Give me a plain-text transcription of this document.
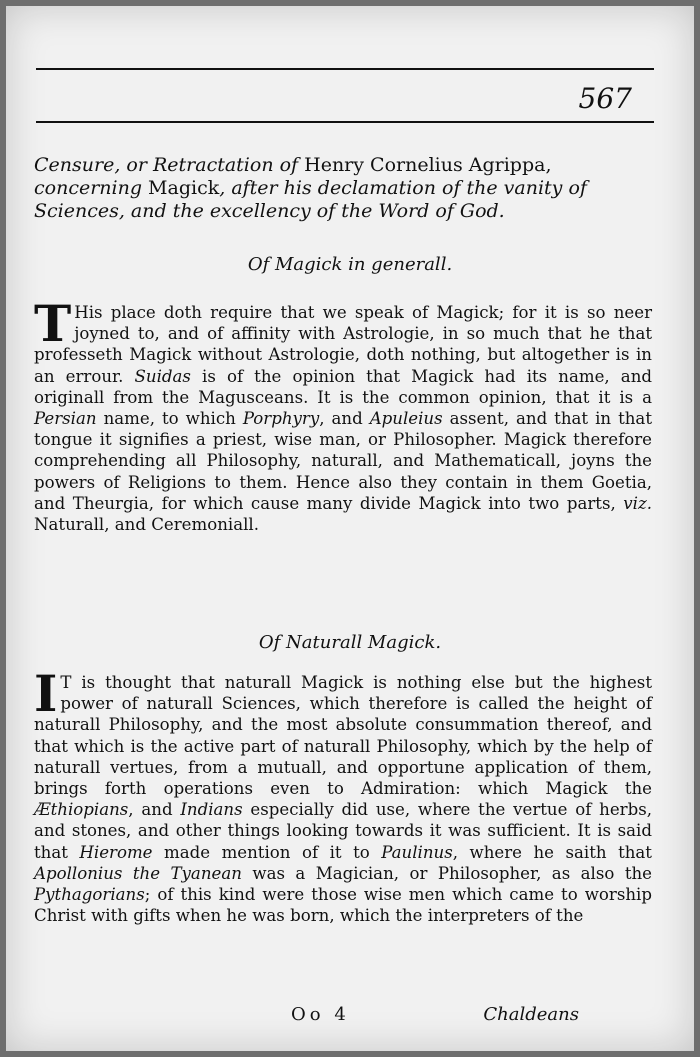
567
Censure, or Retractation of Henry Cornelius Agrippa, concerning Magick, after his declamation of the vanity of Sciences, and the excellency of the Word of God.
Of Magick in generall.
T His place doth require that we speak of Magick; for it is so neer joyned to, and of affinity with Astrologie, in so much that he that professeth Magick without Astrologie, doth nothing, but altogether is in an errour. Suidas is of the opinion that Magick had its name, and originall from the Magusceans. It is the common opinion, that it is a Persian name, to which Porphyry, and Apuleius assent, and that in that tongue it signifies a priest, wise man, or Philosopher. Magick therefore comprehending all Philosophy, naturall, and Mathematicall, joyns the powers of Religions to them. Hence also they contain in them Goetia, and Theurgia, for which cause many divide Magick into two parts, viz. Naturall, and Ceremoniall.
Of Naturall Magick.
I T is thought that naturall Magick is nothing else but the highest power of naturall Sciences, which therefore is called the height of naturall Philosophy, and the most absolute consummation thereof, and that which is the active part of naturall Philosophy, which by the help of naturall vertues, from a mutuall, and opportune application of them, brings forth operations even to Admiration: which Magick the Æthiopians, and Indians especially did use, where the vertue of herbs, and stones, and other things looking towards it was sufficient. It is said that Hierome made mention of it to Paulinus, where he saith that Apollonius the Tyanean was a Magician, or Philosopher, as also the Pythagorians; of this kind were those wise men which came to worship Christ with gifts when he was born, which the interpreters of the
Oo 4	Chaldeans
